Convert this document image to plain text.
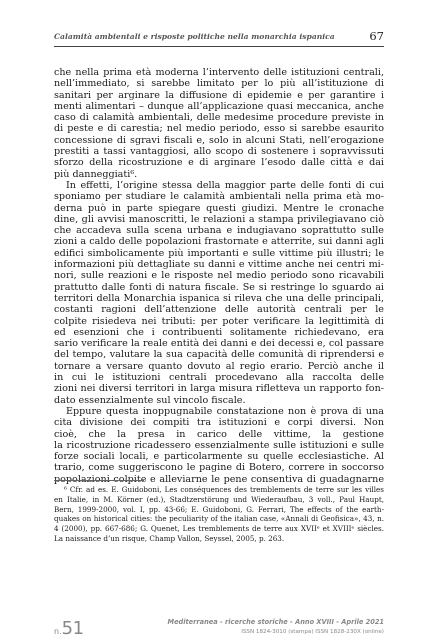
Calamità ambientali e risposte politiche nella monarchia ispanica	67
che nella prima età moderna l’intervento delle istituzioni centrali,
nell’immediato, si sarebbe limitato per lo più all’istituzione di
sanitari per arginare la diffusione di epidemie e per garantire i
menti alimentari – dunque all’applicazione quasi meccanica, anche
caso di calamità ambientali, delle medesime procedure previste in
di peste e di carestia; nel medio periodo, esso si sarebbe esaurito
concessione di sgravi fiscali e, solo in alcuni Stati, nell’erogazione
prestiti a tassi vantaggiosi, allo scopo di sostenere i sopravvissuti
sforzo della ricostruzione e di arginare l’esodo dalle città e dai
più danneggiati⁶.
In effetti, l’origine stessa della maggior parte delle fonti di cui
sponiamo per studiare le calamità ambientali nella prima età mo-
derna può in parte spiegare questi giudizi. Mentre le cronache
dine, gli avvisi manoscritti, le relazioni a stampa privilegiavano ciò
che accadeva sulla scena urbana e indugiavano soprattutto sulle
zioni a caldo delle popolazioni frastornate e atterrite, sui danni agli
edifici simbolicamente più importanti e sulle vittime più illustri; le
informazioni più dettagliate su danni e vittime anche nei centri mi-
nori, sulle reazioni e le risposte nel medio periodo sono ricavabili
prattutto dalle fonti di natura fiscale. Se si restringe lo sguardo ai
territori della Monarchia ispanica si rileva che una delle principali,
costanti ragioni dell’attenzione delle autorità centrali per le
colpite risiedeva nei tributi: per poter verificare la legittimità di
ed esenzioni che i contribuenti solitamente richiedevano, era
sario verificare la reale entità dei danni e dei decessi e, col passare
del tempo, valutare la sua capacità delle comunità di riprendersi e
tornare a versare quanto dovuto al regio erario. Perciò anche il
in cui le istituzioni centrali procedevano alla raccolta delle
zioni nei diversi territori in larga misura rifletteva un rapporto fon-
dato essenzialmente sul vincolo fiscale.
Eppure questa inoppugnabile constatazione non è prova di una
cita divisione dei compiti tra istituzioni e corpi diversi. Non
cioè, che la presa in carico delle vittime, la gestione
la ricostruzione ricadessero essenzialmente sulle istituzioni e sulle
forze sociali locali, e particolarmente su quelle ecclesiastiche. Al
trario, come suggeriscono le pagine di Botero, correre in soccorso
popolazioni colpite e alleviarne le pene consentiva di guadagnarne
⁶ Cfr. ad es. E. Guidoboni, Les conséquences des tremblements de terre sur les villes
en Italie, in M. Körner (ed.), Stadtzerstörung und Wiederaufbau, 3 voll., Paul Haupt,
Bern, 1999-2000, vol. I, pp. 43-66; E. Guidoboni, G. Ferrari, The effects of the earth-
quakes on historical cities: the peculiarity of the italian case, «Annali di Geofisica», 43, n.
4 (2000), pp. 667-686; G. Quenet, Les tremblements de terre aux XVIIᵉ et XVIIIᵉ siècles.
La naissance d’un risque, Champ Vallon, Seyssel, 2005, p. 263.
n.51	Mediterranea - ricerche storiche - Anno XVIII - Aprile 2021
ISSN 1824-3010 (stampa) ISSN 1828-230X (online)
